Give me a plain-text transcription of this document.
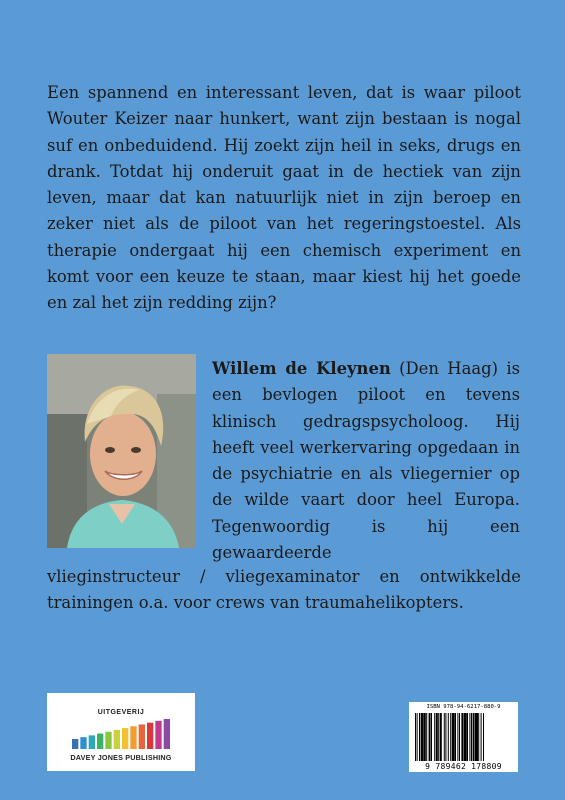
Een spannend en interessant leven, dat is waar piloot Wouter Keizer naar hunkert, want zijn bestaan is nogal suf en onbeduidend. Hij zoekt zijn heil in seks, drugs en drank. Totdat hij onderuit gaat in de hectiek van zijn leven, maar dat kan natuurlijk niet in zijn beroep en zeker niet als de piloot van het regeringstoestel. Als therapie ondergaat hij een chemisch experiment en komt voor een keuze te staan, maar kiest hij het goede en zal het zijn redding zijn?

Willem de Kleynen (Den Haag) is een bevlogen piloot en tevens klinisch gedragspsycholoog. Hij heeft veel werkervaring opgedaan in de psychiatrie en als vliegernier op de wilde vaart door heel Europa. Tegenwoordig is hij een gewaardeerde

vlieginstructeur / vliegexaminator en ontwikkelde trainingen o.a. voor crews van traumahelikopters.

UITGEVERIJ
DAVEY JONES PUBLISHING
ISBN 978-94-6217-880-9
9 789462 178809
